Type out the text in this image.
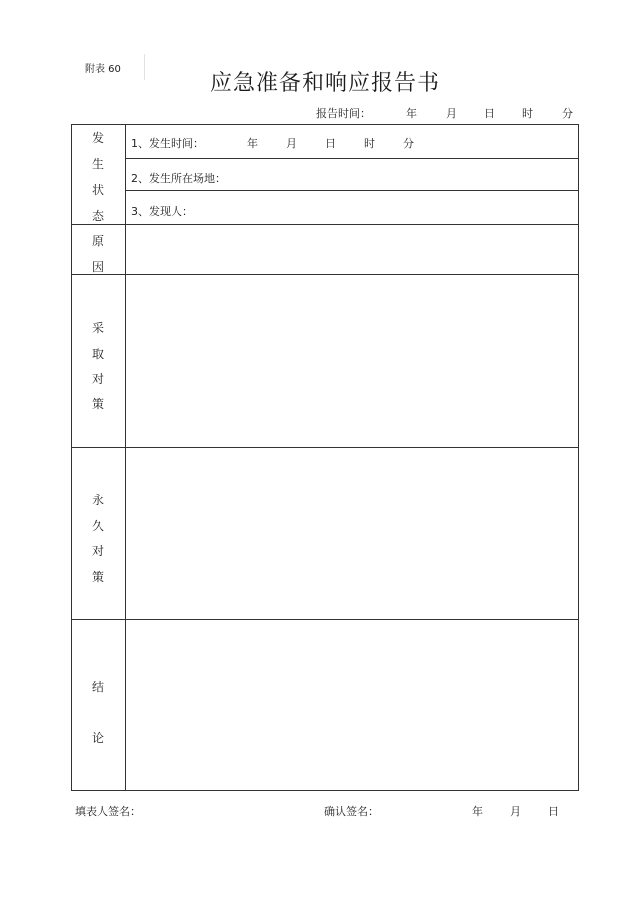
附表 60
应急准备和响应报告书
报告时间：	年	月 日 时	分
发
生
状
态
1、发生时间：	年	月	日	时	分
2、发生所在场地：
3、发现人：
原
因
采
取
对
策
永
久
对
策
结
论
填表人签名：	确认签名：	年 月 日
